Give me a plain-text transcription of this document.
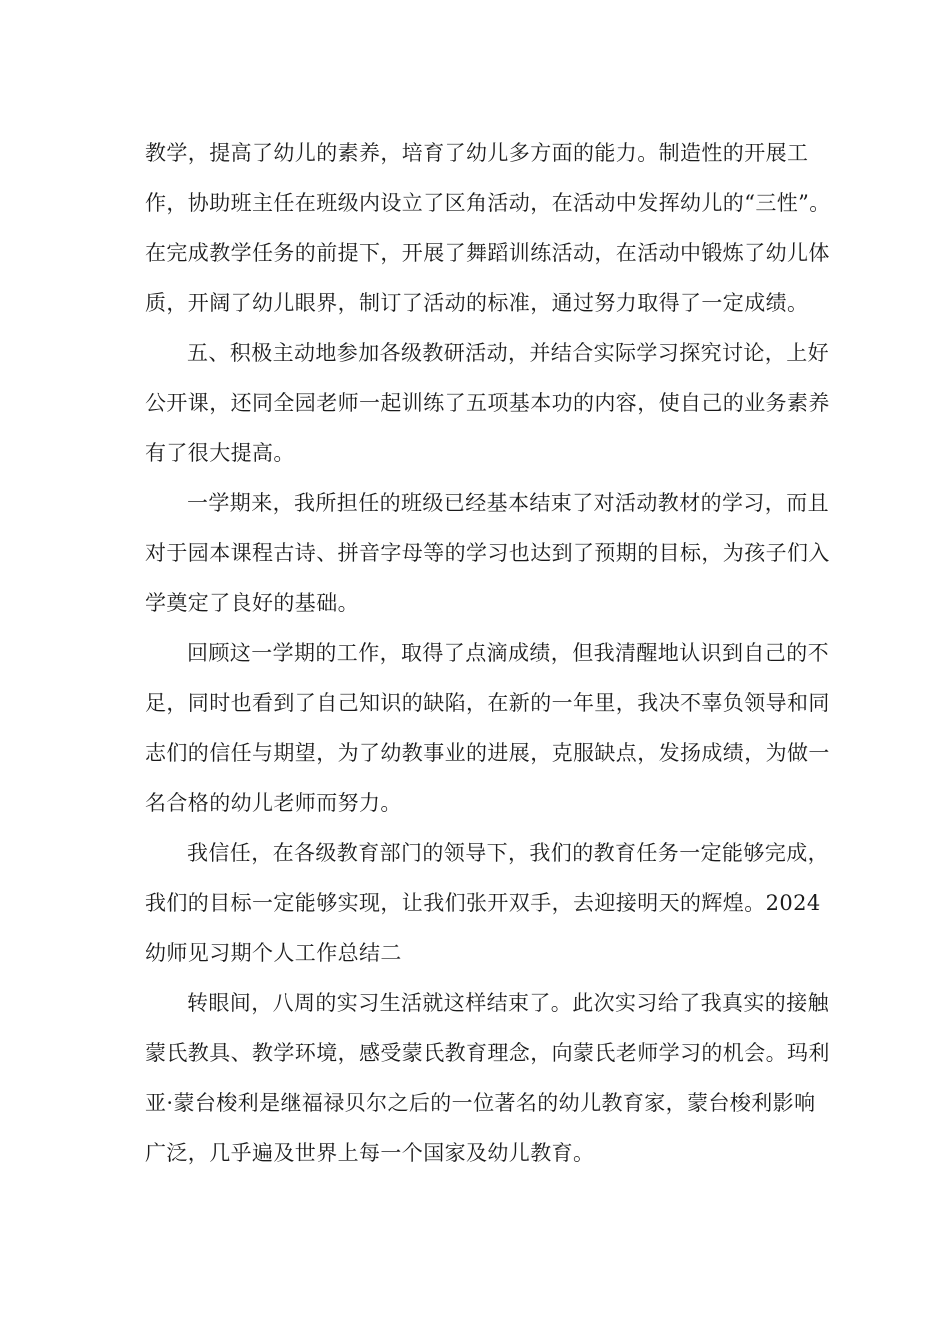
教学，提高了幼儿的素养，培育了幼儿多方面的能力。制造性的开展工作，协助班主任在班级内设立了区角活动，在活动中发挥幼儿的“三性”。在完成教学任务的前提下，开展了舞蹈训练活动，在活动中锻炼了幼儿体质，开阔了幼儿眼界，制订了活动的标准，通过努力取得了一定成绩。

五、积极主动地参加各级教研活动，并结合实际学习探究讨论，上好公开课，还同全园老师一起训练了五项基本功的内容，使自己的业务素养有了很大提高。

一学期来，我所担任的班级已经基本结束了对活动教材的学习，而且对于园本课程古诗、拼音字母等的学习也达到了预期的目标，为孩子们入学奠定了良好的基础。

回顾这一学期的工作，取得了点滴成绩，但我清醒地认识到自己的不足，同时也看到了自己知识的缺陷，在新的一年里，我决不辜负领导和同志们的信任与期望，为了幼教事业的进展，克服缺点，发扬成绩，为做一名合格的幼儿老师而努力。

我信任，在各级教育部门的领导下，我们的教育任务一定能够完成，我们的目标一定能够实现，让我们张开双手，去迎接明天的辉煌。2024幼师见习期个人工作总结二

转眼间，八周的实习生活就这样结束了。此次实习给了我真实的接触蒙氏教具、教学环境，感受蒙氏教育理念，向蒙氏老师学习的机会。玛利亚·蒙台梭利是继福禄贝尔之后的一位著名的幼儿教育家，蒙台梭利影响广泛，几乎遍及世界上每一个国家及幼儿教育。
